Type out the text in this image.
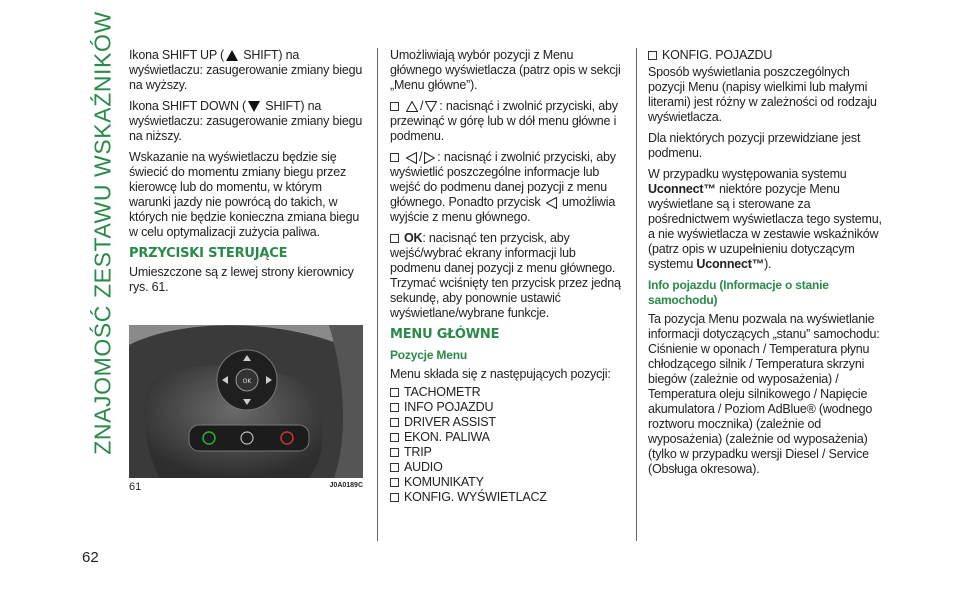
ZNAJOMOŚĆ ZESTAWU WSKAŹNIKÓW
62

Ikona SHIFT UP ( SHIFT) na wyświetlaczu: zasugerowanie zmiany biegu na wyższy.

Ikona SHIFT DOWN ( SHIFT) na wyświetlaczu: zasugerowanie zmiany biegu na niższy.

Wskazanie na wyświetlaczu będzie się świecić do momentu zmiany biegu przez kierowcę lub do momentu, w którym warunki jazdy nie powrócą do takich, w których nie będzie konieczna zmiana biegu w celu optymalizacji zużycia paliwa.

PRZYCISKI STERUJĄCE

Umieszczone są z lewej strony kierownicy rys. 61.

OK
61	J0A0189C

Umożliwiają wybór pozycji z Menu głównego wyświetlacza (patrz opis w sekcji „Menu główne”).

/ : nacisnąć i zwolnić przyciski, aby przewinąć w górę lub w dół menu główne i podmenu.

/ : nacisnąć i zwolnić przyciski, aby wyświetlić poszczególne informacje lub wejść do podmenu danej pozycji z menu głównego. Ponadto przycisk umożliwia wyjście z menu głównego.

OK: nacisnąć ten przycisk, aby wejść/wybrać ekrany informacji lub podmenu danej pozycji z menu głównego. Trzymać wciśnięty ten przycisk przez jedną sekundę, aby ponownie ustawić wyświetlane/wybrane funkcje.

MENU GŁÓWNE
Pozycje Menu

Menu składa się z następujących pozycji:

TACHOMETR
INFO POJAZDU
DRIVER ASSIST
EKON. PALIWA
TRIP
AUDIO
KOMUNIKATY
KONFIG. WYŚWIETLACZ
KONFIG. POJAZDU

Sposób wyświetlania poszczególnych pozycji Menu (napisy wielkimi lub małymi literami) jest różny w zależności od rodzaju wyświetlacza.

Dla niektórych pozycji przewidziane jest podmenu.

W przypadku występowania systemu Uconnect™ niektóre pozycje Menu wyświetlane są i sterowane za pośrednictwem wyświetlacza tego systemu, a nie wyświetlacza w zestawie wskaźników (patrz opis w uzupełnieniu dotyczącym systemu Uconnect™).

Info pojazdu (Informacje o stanie samochodu)

Ta pozycja Menu pozwala na wyświetlanie informacji dotyczących „stanu” samochodu: Ciśnienie w oponach / Temperatura płynu chłodzącego silnik / Temperatura skrzyni biegów (zależnie od wyposażenia) / Temperatura oleju silnikowego / Napięcie akumulatora / Poziom AdBlue® (wodnego roztworu mocznika) (zależnie od wyposażenia) (zależnie od wyposażenia) (tylko w przypadku wersji Diesel / Service (Obsługa okresowa).
